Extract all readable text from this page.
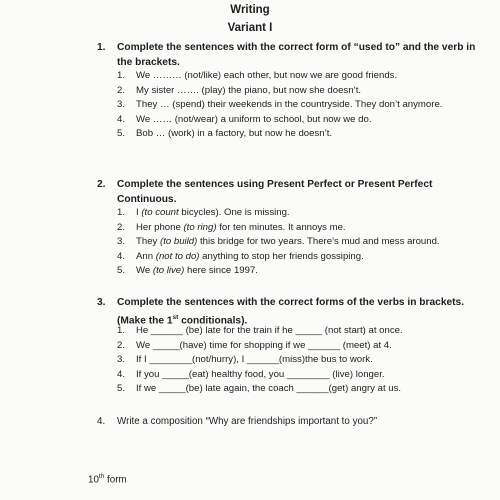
Writing
Variant I
1.	Complete the sentences with the correct form of “used to” and the verb in the brackets.
1. We ……… (not/like) each other, but now we are good friends.
2. My sister ……. (play) the piano, but now she doesn’t.
3. They … (spend) their weekends in the countryside. They don’t anymore.
4. We …… (not/wear) a uniform to school, but now we do.
5. Bob … (work) in a factory, but now he doesn’t.
2.	Complete the sentences using Present Perfect or Present Perfect Continuous.
1. I (to count bicycles). One is missing.
2. Her phone (to ring) for ten minutes. It annoys me.
3. They (to build) this bridge for two years. There’s mud and mess around.
4. Ann (not to do) anything to stop her friends gossiping.
5. We (to live) here since 1997.
3.	Complete the sentences with the correct forms of the verbs in brackets. (Make the 1st conditionals).
1. He ______ (be) late for the train if he _____ (not start) at once.
2. We _____(have) time for shopping if we ______ (meet) at 4.
3. If I ________(not/hurry), I ______(miss)the bus to work.
4. If you _____(eat) healthy food, you ________ (live) longer.
5. If we _____(be) late again, the coach ______(get) angry at us.
4. Write a composition “Why are friendships important to you?”
10th form
